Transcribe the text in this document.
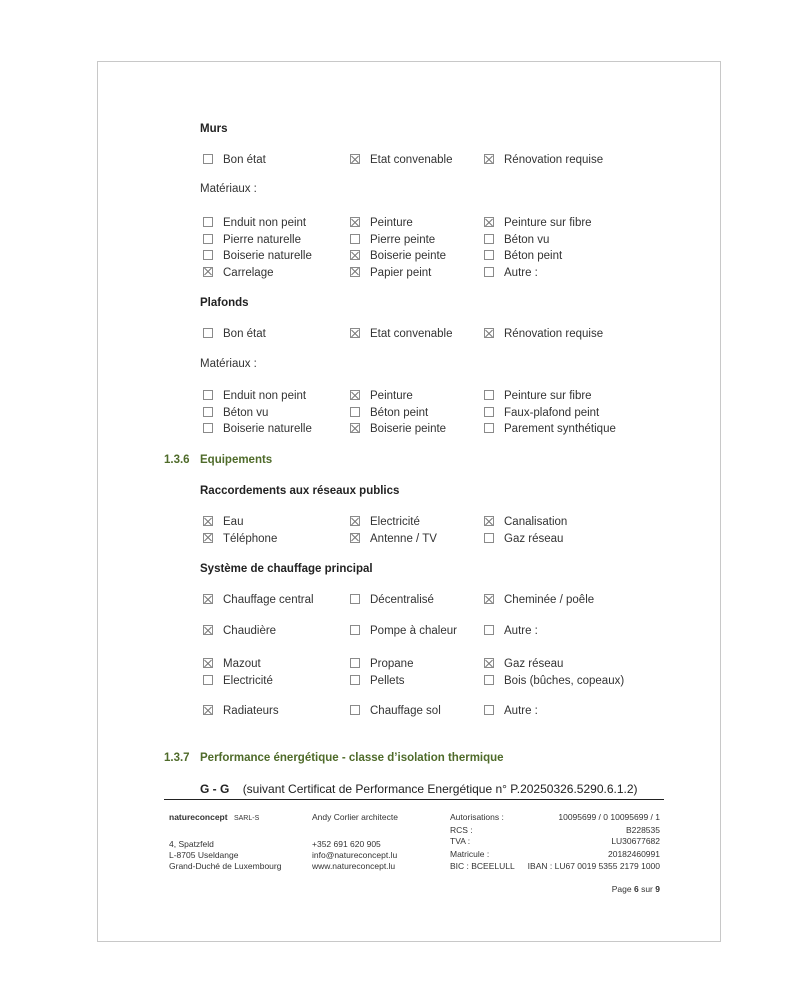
Murs
Bon état	Etat convenable	Rénovation requise
Matériaux :
Enduit non peint	Peinture	Peinture sur fibre
Pierre naturelle	Pierre peinte	Béton vu
Boiserie naturelle	Boiserie peinte	Béton peint
Carrelage	Papier peint	Autre :
Plafonds
Bon état	Etat convenable	Rénovation requise
Matériaux :
Enduit non peint	Peinture	Peinture sur fibre
Béton vu	Béton peint	Faux-plafond peint
Boiserie naturelle	Boiserie peinte	Parement synthétique
1.3.6 Equipements
Raccordements aux réseaux publics
Eau	Electricité	Canalisation
Téléphone	Antenne / TV	Gaz réseau
Système de chauffage principal
Chauffage central	Décentralisé	Cheminée / poêle
Chaudière	Pompe à chaleur	Autre :
Mazout	Propane	Gaz réseau
Electricité	Pellets	Bois (bûches, copeaux)
Radiateurs	Chauffage sol	Autre :
1.3.7 Performance énergétique - classe d’isolation thermique
G - G (suivant Certificat de Performance Energétique n° P.20250326.5290.6.1.2)
natureconcept SARL-S
4, Spatzfeld
L-8705 Useldange
Grand-Duché de Luxembourg
Andy Corlier architecte
+352 691 620 905
info@natureconcept.lu
www.natureconcept.lu
Autorisations :	10095699 / 0 10095699 / 1
RCS :	B228535
TVA :	LU30677682
Matricule :	20182460991
BIC : BCEELULL IBAN : LU67 0019 5355 2179 1000
Page 6 sur 9
